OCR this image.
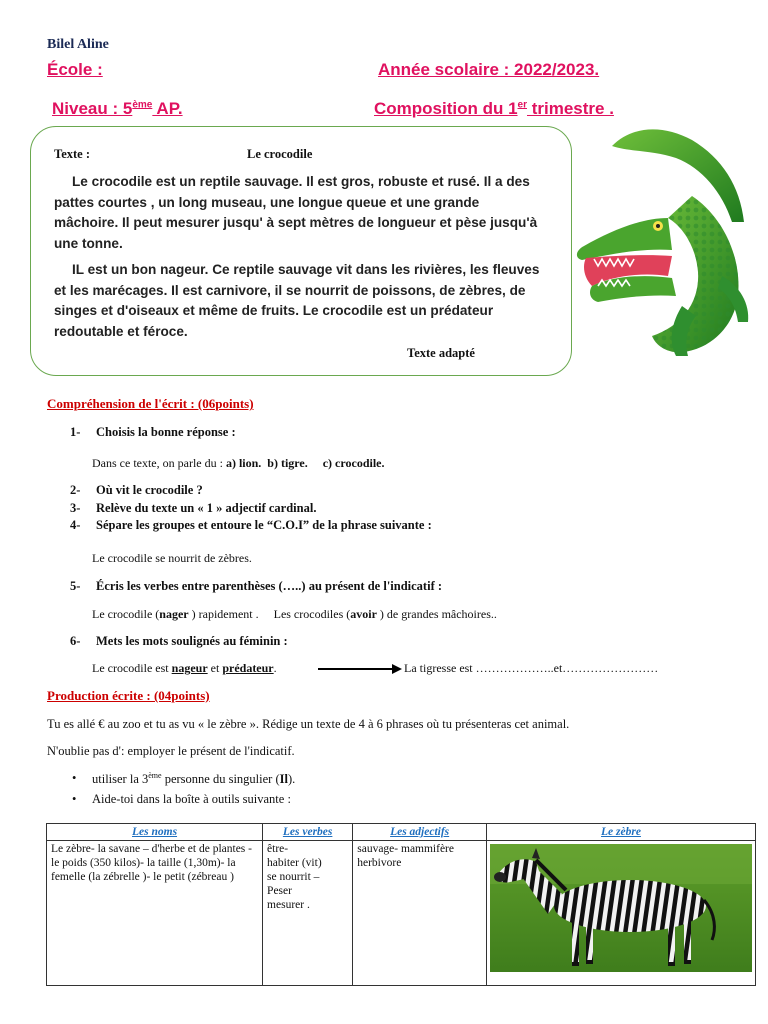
Bilel Aline
École :	Année scolaire : 2022/2023.
Niveau : 5ème AP.	Composition du 1er trimestre .
Texte :	Le crocodile
Le crocodile est un reptile sauvage. Il est gros, robuste et rusé. Il a des pattes courtes , un long museau, une longue queue et une grande mâchoire. Il peut mesurer jusqu' à sept mètres de longueur et pèse jusqu'à une tonne.
IL est un bon nageur. Ce reptile sauvage vit dans les rivières, les fleuves et les marécages. Il est carnivore, il se nourrit de poissons, de zèbres, de singes et d'oiseaux et même de fruits. Le crocodile est un prédateur redoutable et féroce.
Texte adapté
Compréhension de l'écrit : (06points)
1- Choisis la bonne réponse :
Dans ce texte, on parle du : a) lion. b) tigre. c) crocodile.
2- Où vit le crocodile ?
3- Relève du texte un « 1 » adjectif cardinal.
4- Sépare les groupes et entoure le “C.O.I” de la phrase suivante :
Le crocodile se nourrit de zèbres.
5- Écris les verbes entre parenthèses (…..) au présent de l'indicatif :
Le crocodile (nager ) rapidement . Les crocodiles (avoir ) de grandes mâchoires..
6- Mets les mots soulignés au féminin :
Le crocodile est nageur et prédateur.	La tigresse est ………………..et……………………
Production écrite : (04points)
Tu es allé € au zoo et tu as vu « le zèbre ». Rédige un texte de 4 à 6 phrases où tu présenteras cet animal.
N'oublie pas d': employer le présent de l'indicatif.
• utiliser la 3ème personne du singulier (Il).
• Aide-toi dans la boîte à outils suivante :
Les noms	Les verbes	Les adjectifs	Le zèbre
Le zèbre- la savane – d'herbe et de plantes -le poids (350 kilos)- la taille (1,30m)- la femelle (la zébrelle )- le petit (zébreau )	être-
habiter (vit)
se nourrit –
Peser
mesurer .	sauvage- mammifère herbivore	
